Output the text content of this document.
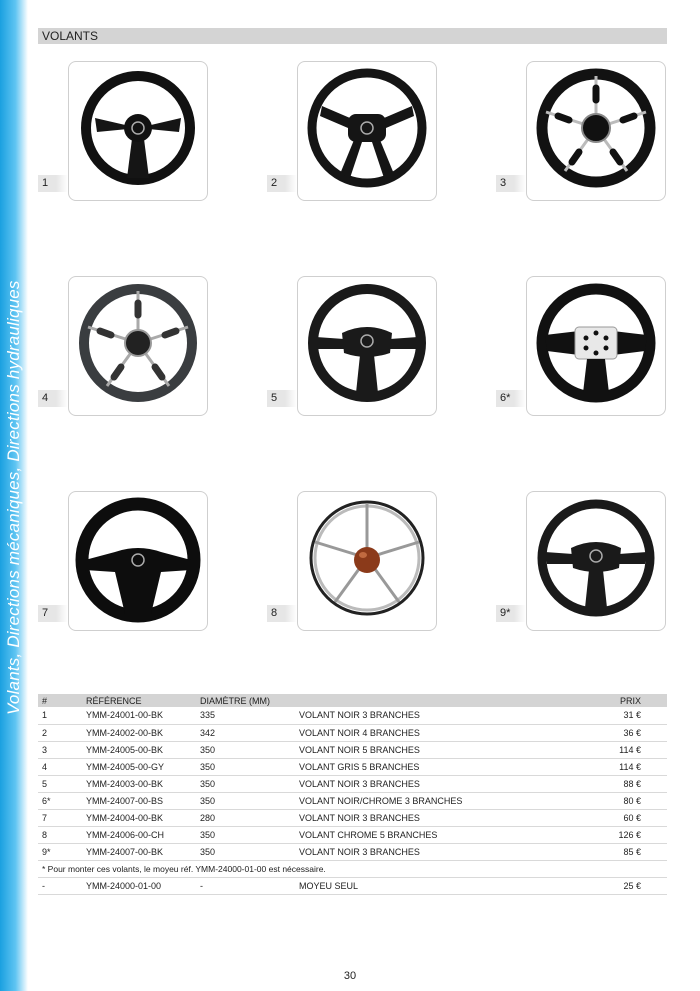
Volants, Directions mécaniques, Directions hydrauliques
VOLANTS
1	2	3
4	5	6*
7	8	9*
#	RÉFÉRENCE	DIAMÈTRE (MM)		PRIX
1	YMM-24001-00-BK	335	VOLANT NOIR 3 BRANCHES	31 €
2	YMM-24002-00-BK	342	VOLANT NOIR 4 BRANCHES	36 €
3	YMM-24005-00-BK	350	VOLANT NOIR 5 BRANCHES	114 €
4	YMM-24005-00-GY	350	VOLANT GRIS 5 BRANCHES	114 €
5	YMM-24003-00-BK	350	VOLANT NOIR 3 BRANCHES	88 €
6*	YMM-24007-00-BS	350	VOLANT NOIR/CHROME 3 BRANCHES	80 €
7	YMM-24004-00-BK	280	VOLANT NOIR 3 BRANCHES	60 €
8	YMM-24006-00-CH	350	VOLANT CHROME 5 BRANCHES	126 €
9*	YMM-24007-00-BK	350	VOLANT NOIR 3 BRANCHES	85 €
* Pour monter ces volants, le moyeu réf. YMM-24000-01-00 est nécessaire.				
-	YMM-24000-01-00	-	MOYEU SEUL	25 €
30
